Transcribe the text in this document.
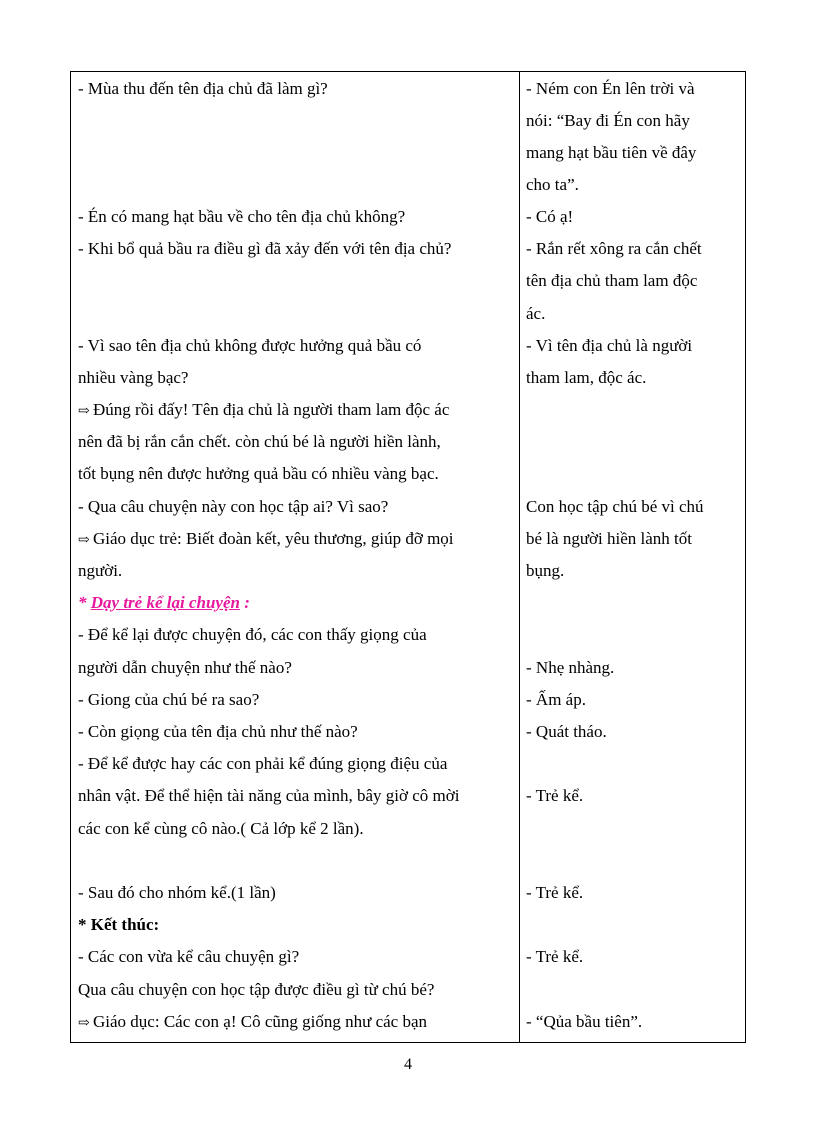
- Mùa thu đến tên địa chủ đã làm gì?
- Én có mang hạt bầu về cho tên địa chủ không?
- Khi bổ quả bầu ra điều gì đã xảy đến với tên địa chủ?
- Vì sao tên địa chủ không được hưởng quả bầu có
nhiều vàng bạc?
⇨ Đúng rồi đấy! Tên địa chủ là người tham lam độc ác
nên đã bị rắn cắn chết. còn chú bé là người hiền lành,
tốt bụng nên được hưởng quả bầu có nhiều vàng bạc.
- Qua câu chuyện này con học tập ai? Vì sao?
⇨ Giáo dục trẻ: Biết đoàn kết, yêu thương, giúp đỡ mọi
người.
* Dạy trẻ kể lại chuyện :
- Để kể lại được chuyện đó, các con thấy giọng của
người dẫn chuyện như thế nào?
- Giong của chú bé ra sao?
- Còn giọng của tên địa chủ như thế nào?
- Để kể được hay các con phải kể đúng giọng điệu của
nhân vật. Để thể hiện tài năng của mình, bây giờ cô mời
các con kể cùng cô nào.( Cả lớp kể 2 lần).
- Sau đó cho nhóm kể.(1 lần)
* Kết thúc:
- Các con vừa kể câu chuyện gì?
Qua câu chuyện con học tập được điều gì từ chú bé?
⇨ Giáo dục: Các con ạ! Cô cũng giống như các bạn
- Ném con Én lên trời và
nói: “Bay đi Én con hãy
mang hạt bầu tiên về đây
cho ta”.
- Có ạ!
- Rắn rết xông ra cắn chết
tên địa chủ tham lam độc
ác.
- Vì tên địa chủ là người
tham lam, độc ác.
Con học tập chú bé vì chú
bé là người hiền lành tốt
bụng.
- Nhẹ nhàng.
- Ấm áp.
- Quát tháo.
- Trẻ kể.
- Trẻ kể.
- Trẻ kể.
- “Qủa bầu tiên”.
4
